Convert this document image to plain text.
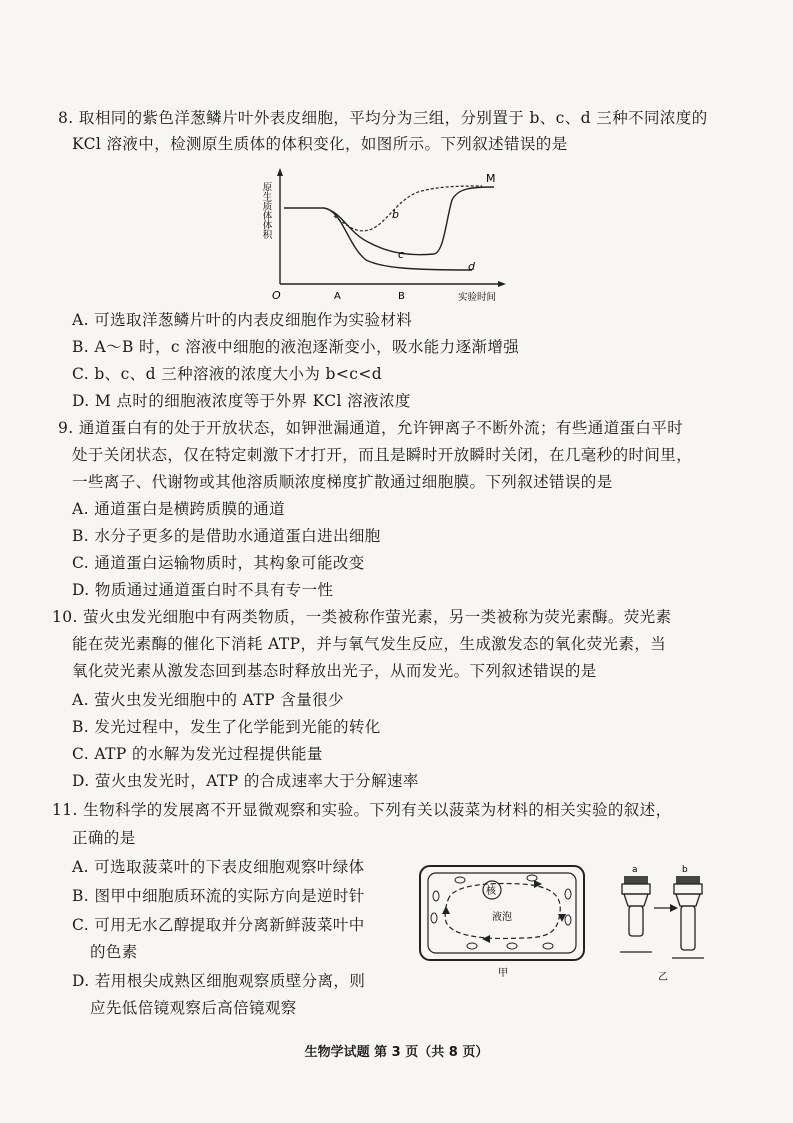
8. 取相同的紫色洋葱鳞片叶外表皮细胞，平均分为三组，分别置于 b、c、d 三种不同浓度的
KCl 溶液中，检测原生质体的体积变化，如图所示。下列叙述错误的是
原生质体体积	b
c
d
M
O	A	B	实验时间
A. 可选取洋葱鳞片叶的内表皮细胞作为实验材料
B. A～B 时，c 溶液中细胞的液泡逐渐变小，吸水能力逐渐增强
C. b、c、d 三种溶液的浓度大小为 b<c<d
D. M 点时的细胞液浓度等于外界 KCl 溶液浓度
9. 通道蛋白有的处于开放状态，如钾泄漏通道，允许钾离子不断外流；有些通道蛋白平时
处于关闭状态，仅在特定刺激下才打开，而且是瞬时开放瞬时关闭，在几毫秒的时间里，
一些离子、代谢物或其他溶质顺浓度梯度扩散通过细胞膜。下列叙述错误的是
A. 通道蛋白是横跨质膜的通道
B. 水分子更多的是借助水通道蛋白进出细胞
C. 通道蛋白运输物质时，其构象可能改变
D. 物质通过通道蛋白时不具有专一性
10. 萤火虫发光细胞中有两类物质，一类被称作萤光素，另一类被称为荧光素酶。荧光素
能在荧光素酶的催化下消耗 ATP，并与氧气发生反应，生成激发态的氧化荧光素，当
氧化荧光素从激发态回到基态时释放出光子，从而发光。下列叙述错误的是
A. 萤火虫发光细胞中的 ATP 含量很少
B. 发光过程中，发生了化学能到光能的转化
C. ATP 的水解为发光过程提供能量
D. 萤火虫发光时，ATP 的合成速率大于分解速率
11. 生物科学的发展离不开显微观察和实验。下列有关以菠菜为材料的相关实验的叙述，
正确的是
A. 可选取菠菜叶的下表皮细胞观察叶绿体
B. 图甲中细胞质环流的实际方向是逆时针
C. 可用无水乙醇提取并分离新鲜菠菜叶中
的色素
D. 若用根尖成熟区细胞观察质壁分离，则
应先低倍镜观察后高倍镜观察
核
液泡
甲
a	b
乙
生物学试题 第 3 页（共 8 页）
